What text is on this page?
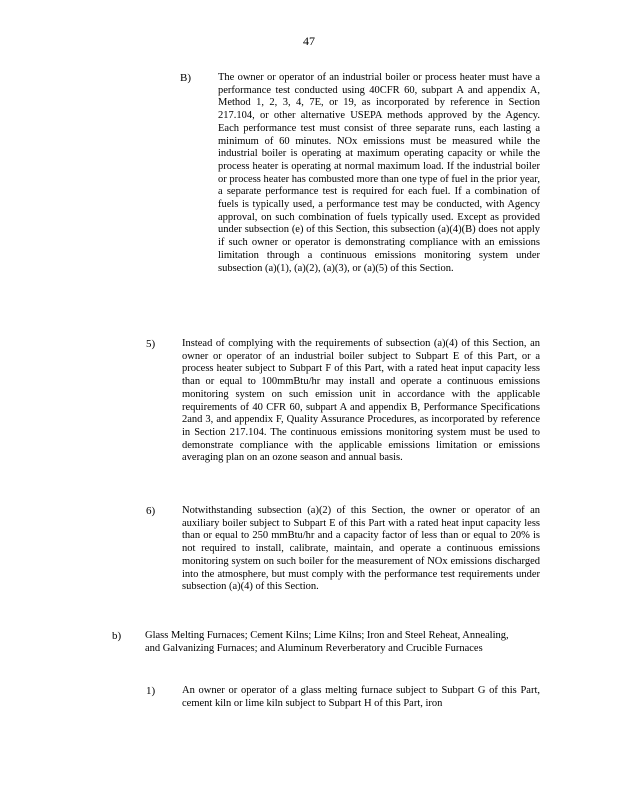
47
B)	The owner or operator of an industrial boiler or process heater must have a performance test conducted using 40CFR 60, subpart A and appendix A, Method 1, 2, 3, 4, 7E, or 19, as incorporated by reference in Section 217.104, or other alternative USEPA methods approved by the Agency. Each performance test must consist of three separate runs, each lasting a minimum of 60 minutes. NOx emissions must be measured while the industrial boiler is operating at maximum operating capacity or while the process heater is operating at normal maximum load. If the industrial boiler or process heater has combusted more than one type of fuel in the prior year, a separate performance test is required for each fuel. If a combination of fuels is typically used, a performance test may be conducted, with Agency approval, on such combination of fuels typically used. Except as provided under subsection (e) of this Section, this subsection (a)(4)(B) does not apply if such owner or operator is demonstrating compliance with an emissions limitation through a continuous emissions monitoring system under subsection (a)(1), (a)(2), (a)(3), or (a)(5) of this Section.
5)	Instead of complying with the requirements of subsection (a)(4) of this Section, an owner or operator of an industrial boiler subject to Subpart E of this Part, or a process heater subject to Subpart F of this Part, with a rated heat input capacity less than or equal to 100mmBtu/hr may install and operate a continuous emissions monitoring system on such emission unit in accordance with the applicable requirements of 40 CFR 60, subpart A and appendix B, Performance Specifications 2and 3, and appendix F, Quality Assurance Procedures, as incorporated by reference in Section 217.104. The continuous emissions monitoring system must be used to demonstrate compliance with the applicable emissions limitation or emissions averaging plan on an ozone season and annual basis.
6)	Notwithstanding subsection (a)(2) of this Section, the owner or operator of an auxiliary boiler subject to Subpart E of this Part with a rated heat input capacity less than or equal to 250 mmBtu/hr and a capacity factor of less than or equal to 20% is not required to install, calibrate, maintain, and operate a continuous emissions monitoring system on such boiler for the measurement of NOx emissions discharged into the atmosphere, but must comply with the performance test requirements under subsection (a)(4) of this Section.
b) Glass Melting Furnaces; Cement Kilns; Lime Kilns; Iron and Steel Reheat, Annealing, and Galvanizing Furnaces; and Aluminum Reverberatory and Crucible Furnaces
1)	An owner or operator of a glass melting furnace subject to Subpart G of this Part, cement kiln or lime kiln subject to Subpart H of this Part, iron
